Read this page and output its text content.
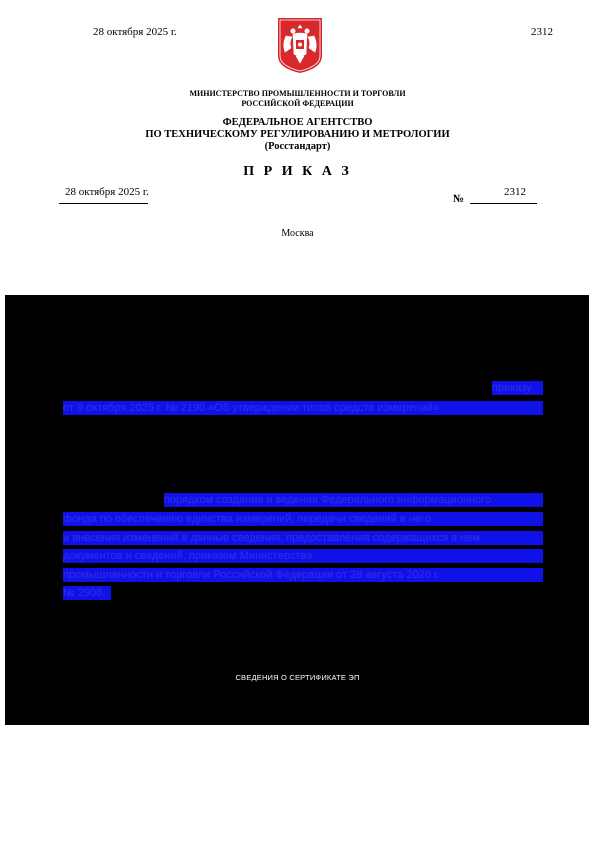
28 октября 2025 г.	2312
МИНИСТЕРСТВО ПРОМЫШЛЕННОСТИ И ТОРГОВЛИ
РОССИЙСКОЙ ФЕДЕРАЦИИ
ФЕДЕРАЛЬНОЕ АГЕНТСТВО
ПО ТЕХНИЧЕСКОМУ РЕГУЛИРОВАНИЮ И МЕТРОЛОГИИ
(Росстандарт)
П Р И К А З
28 октября 2025 г.
№
2312
Москва
приказу
от 9 октября 2025 г. № 2190 «Об утверждении типов средств измерений»
порядком создания и ведения Федерального информационного
фонда по обеспечению единства измерений, передачи сведений в него
и внесения изменений в данные сведения, предоставления содержащихся в нем
документов и сведений, приказом Министерства
промышленности и торговли Российской Федерации от 28 августа 2020 г.
№ 2906,
СВЕДЕНИЯ О СЕРТИФИКАТЕ ЭП
